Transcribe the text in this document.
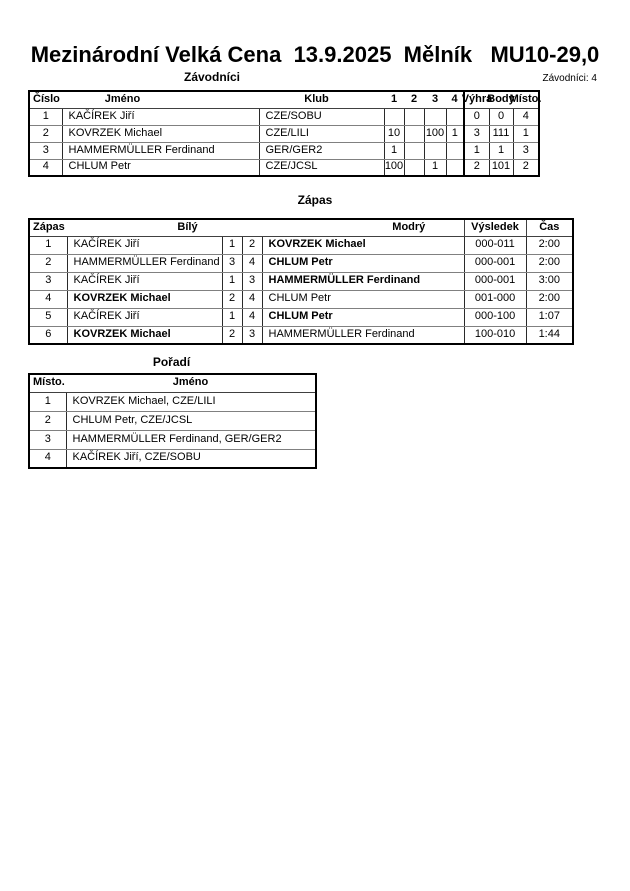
Mezinárodní Velká Cena  13.9.2025  Mělník   MU10-29,0
Závodníci	Závodníci: 4
Číslo	Jméno	Klub	1	2	3	4	Výhra	Body	Místo.

1	KAČÍREK Jiří	CZE/SOBU					0	0	4
2	KOVRZEK Michael	CZE/LILI	10		100	1	3	111	1
3	HAMMERMÜLLER Ferdinand	GER/GER2	1				1	1	3
4	CHLUM Petr	CZE/JCSL	100		1		2	101	2
Zápas
Zápas	Bílý			Modrý	Výsledek	Čas
1	KAČÍREK Jiří	1	2	KOVRZEK Michael	000-011	2:00
2	HAMMERMÜLLER Ferdinand	3	4	CHLUM Petr	000-001	2:00
3	KAČÍREK Jiří	1	3	HAMMERMÜLLER Ferdinand	000-001	3:00
4	KOVRZEK Michael	2	4	CHLUM Petr	001-000	2:00
5	KAČÍREK Jiří	1	4	CHLUM Petr	000-100	1:07
6	KOVRZEK Michael	2	3	HAMMERMÜLLER Ferdinand	100-010	1:44
Pořadí
Místo.	Jméno
1	KOVRZEK Michael, CZE/LILI
2	CHLUM Petr, CZE/JCSL
3	HAMMERMÜLLER Ferdinand, GER/GER2
4	KAČÍREK Jiří, CZE/SOBU
